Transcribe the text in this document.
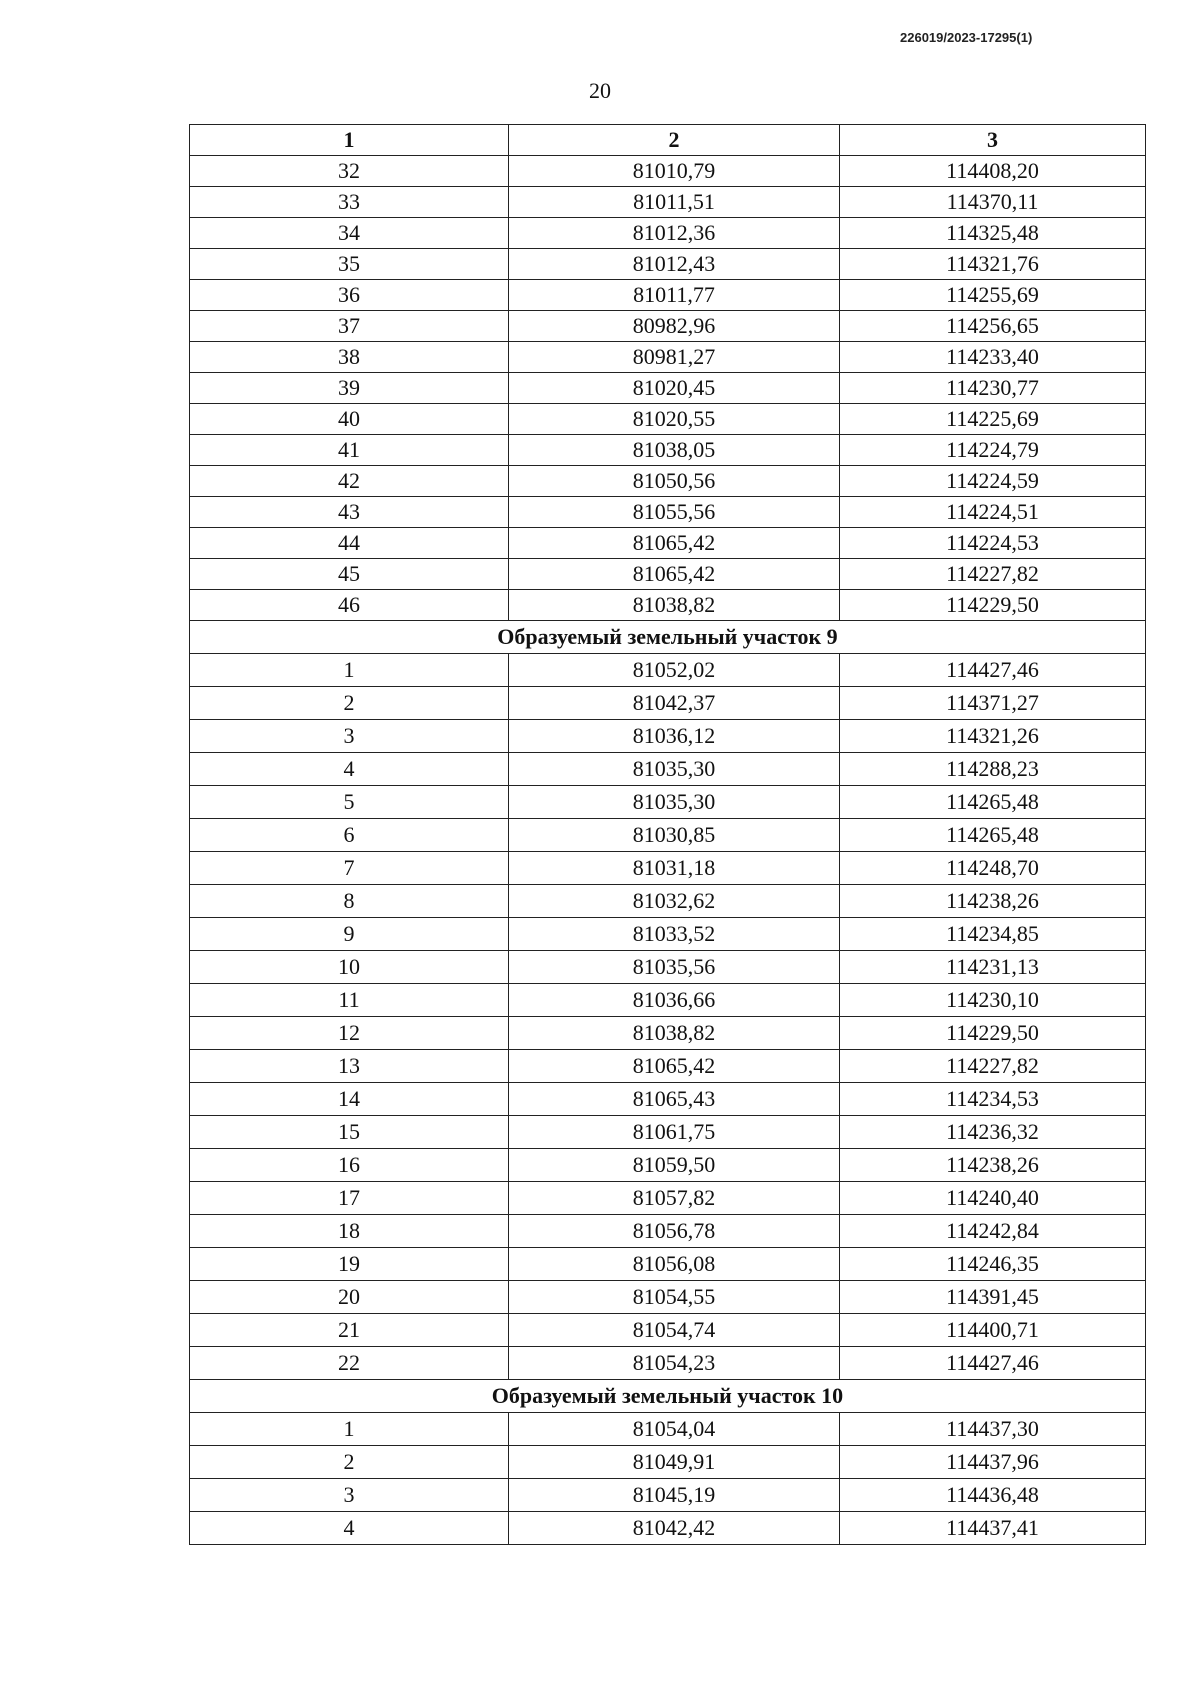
226019/2023-17295(1)
20
1	2	3
32	81010,79	114408,20
33	81011,51	114370,11
34	81012,36	114325,48
35	81012,43	114321,76
36	81011,77	114255,69
37	80982,96	114256,65
38	80981,27	114233,40
39	81020,45	114230,77
40	81020,55	114225,69
41	81038,05	114224,79
42	81050,56	114224,59
43	81055,56	114224,51
44	81065,42	114224,53
45	81065,42	114227,82
46	81038,82	114229,50
Образуемый земельный участок 9		
1	81052,02	114427,46
2	81042,37	114371,27
3	81036,12	114321,26
4	81035,30	114288,23
5	81035,30	114265,48
6	81030,85	114265,48
7	81031,18	114248,70
8	81032,62	114238,26
9	81033,52	114234,85
10	81035,56	114231,13
11	81036,66	114230,10
12	81038,82	114229,50
13	81065,42	114227,82
14	81065,43	114234,53
15	81061,75	114236,32
16	81059,50	114238,26
17	81057,82	114240,40
18	81056,78	114242,84
19	81056,08	114246,35
20	81054,55	114391,45
21	81054,74	114400,71
22	81054,23	114427,46
Образуемый земельный участок 10		
1	81054,04	114437,30
2	81049,91	114437,96
3	81045,19	114436,48
4	81042,42	114437,41
